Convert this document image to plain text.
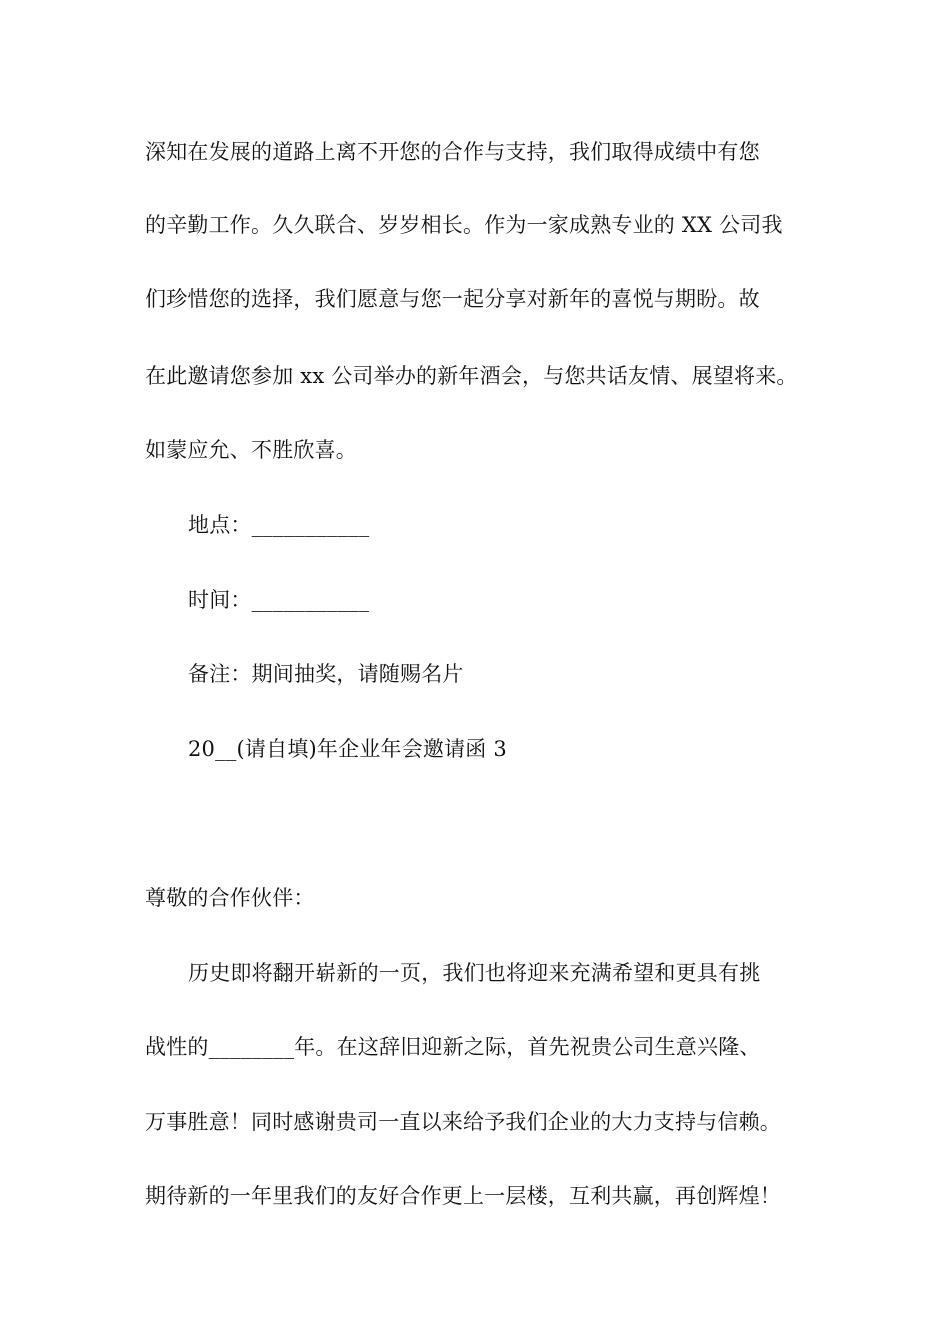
深知在发展的道路上离不开您的合作与支持，我们取得成绩中有您
的辛勤工作。久久联合、岁岁相长。作为一家成熟专业的 XX 公司我
们珍惜您的选择，我们愿意与您一起分享对新年的喜悦与期盼。故
在此邀请您参加 xx 公司举办的新年酒会，与您共话友情、展望将来。
如蒙应允、不胜欣喜。
地点：___________
时间：___________
备注：期间抽奖，请随赐名片
20__(请自填)年企业年会邀请函 3
尊敬的合作伙伴：
历史即将翻开崭新的一页，我们也将迎来充满希望和更具有挑
战性的________年。在这辞旧迎新之际，首先祝贵公司生意兴隆、
万事胜意！同时感谢贵司一直以来给予我们企业的大力支持与信赖。
期待新的一年里我们的友好合作更上一层楼，互利共赢，再创辉煌！
